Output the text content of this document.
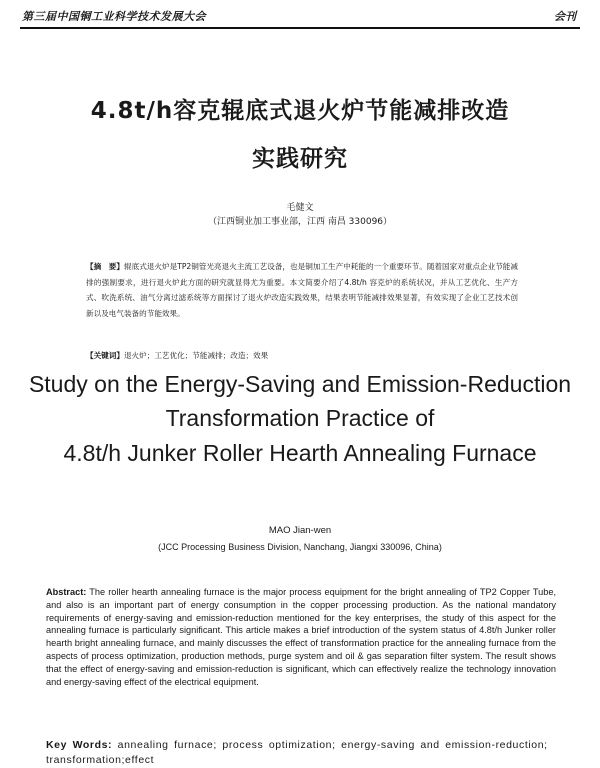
第三届中国铜工业科学技术发展大会	会刊
4.8t/h容克辊底式退火炉节能减排改造
实践研究
毛健文
（江西铜业加工事业部，江西 南昌 330096）
【摘　要】辊底式退火炉是TP2铜管光亮退火主流工艺设备，也是铜加工生产中耗能的一个重要环节。随着国家对重点企业节能减排的强制要求，进行退火炉此方面的研究就显得尤为重要。本文简要介绍了4.8t/h 容克炉的系统状况，并从工艺优化、生产方式、吹洗系统、油气分离过滤系统等方面探讨了退火炉改造实践效果，结果表明节能减排效果显著，有效实现了企业工艺技术创新以及电气装备的节能效果。
【关键词】退火炉；工艺优化；节能减排；改造；效果
Study on the Energy-Saving and Emission-Reduction
Transformation Practice of
4.8t/h Junker Roller Hearth Annealing Furnace
MAO Jian-wen
(JCC Processing Business Division, Nanchang, Jiangxi 330096, China)
Abstract: The roller hearth annealing furnace is the major process equipment for the bright annealing of TP2 Copper Tube, and also is an important part of energy consumption in the copper processing production. As the national mandatory requirements of energy-saving and emission-reduction mentioned for the key enterprises, the study of this aspect for the annealing furnace is particularly significant. This article makes a brief introduction of the system status of 4.8t/h Junker roller hearth bright annealing furnace, and mainly discusses the effect of transformation practice for the annealing furnace from the aspects of process optimization, production methods, purge system and oil & gas separation filter system. The result shows that the effect of energy-saving and emission-reduction is significant, which can effectively realize the technology innovation and energy-saving effect of the electrical equipment.
Key Words: annealing furnace; process optimization; energy-saving and emission-reduction; transformation;effect
